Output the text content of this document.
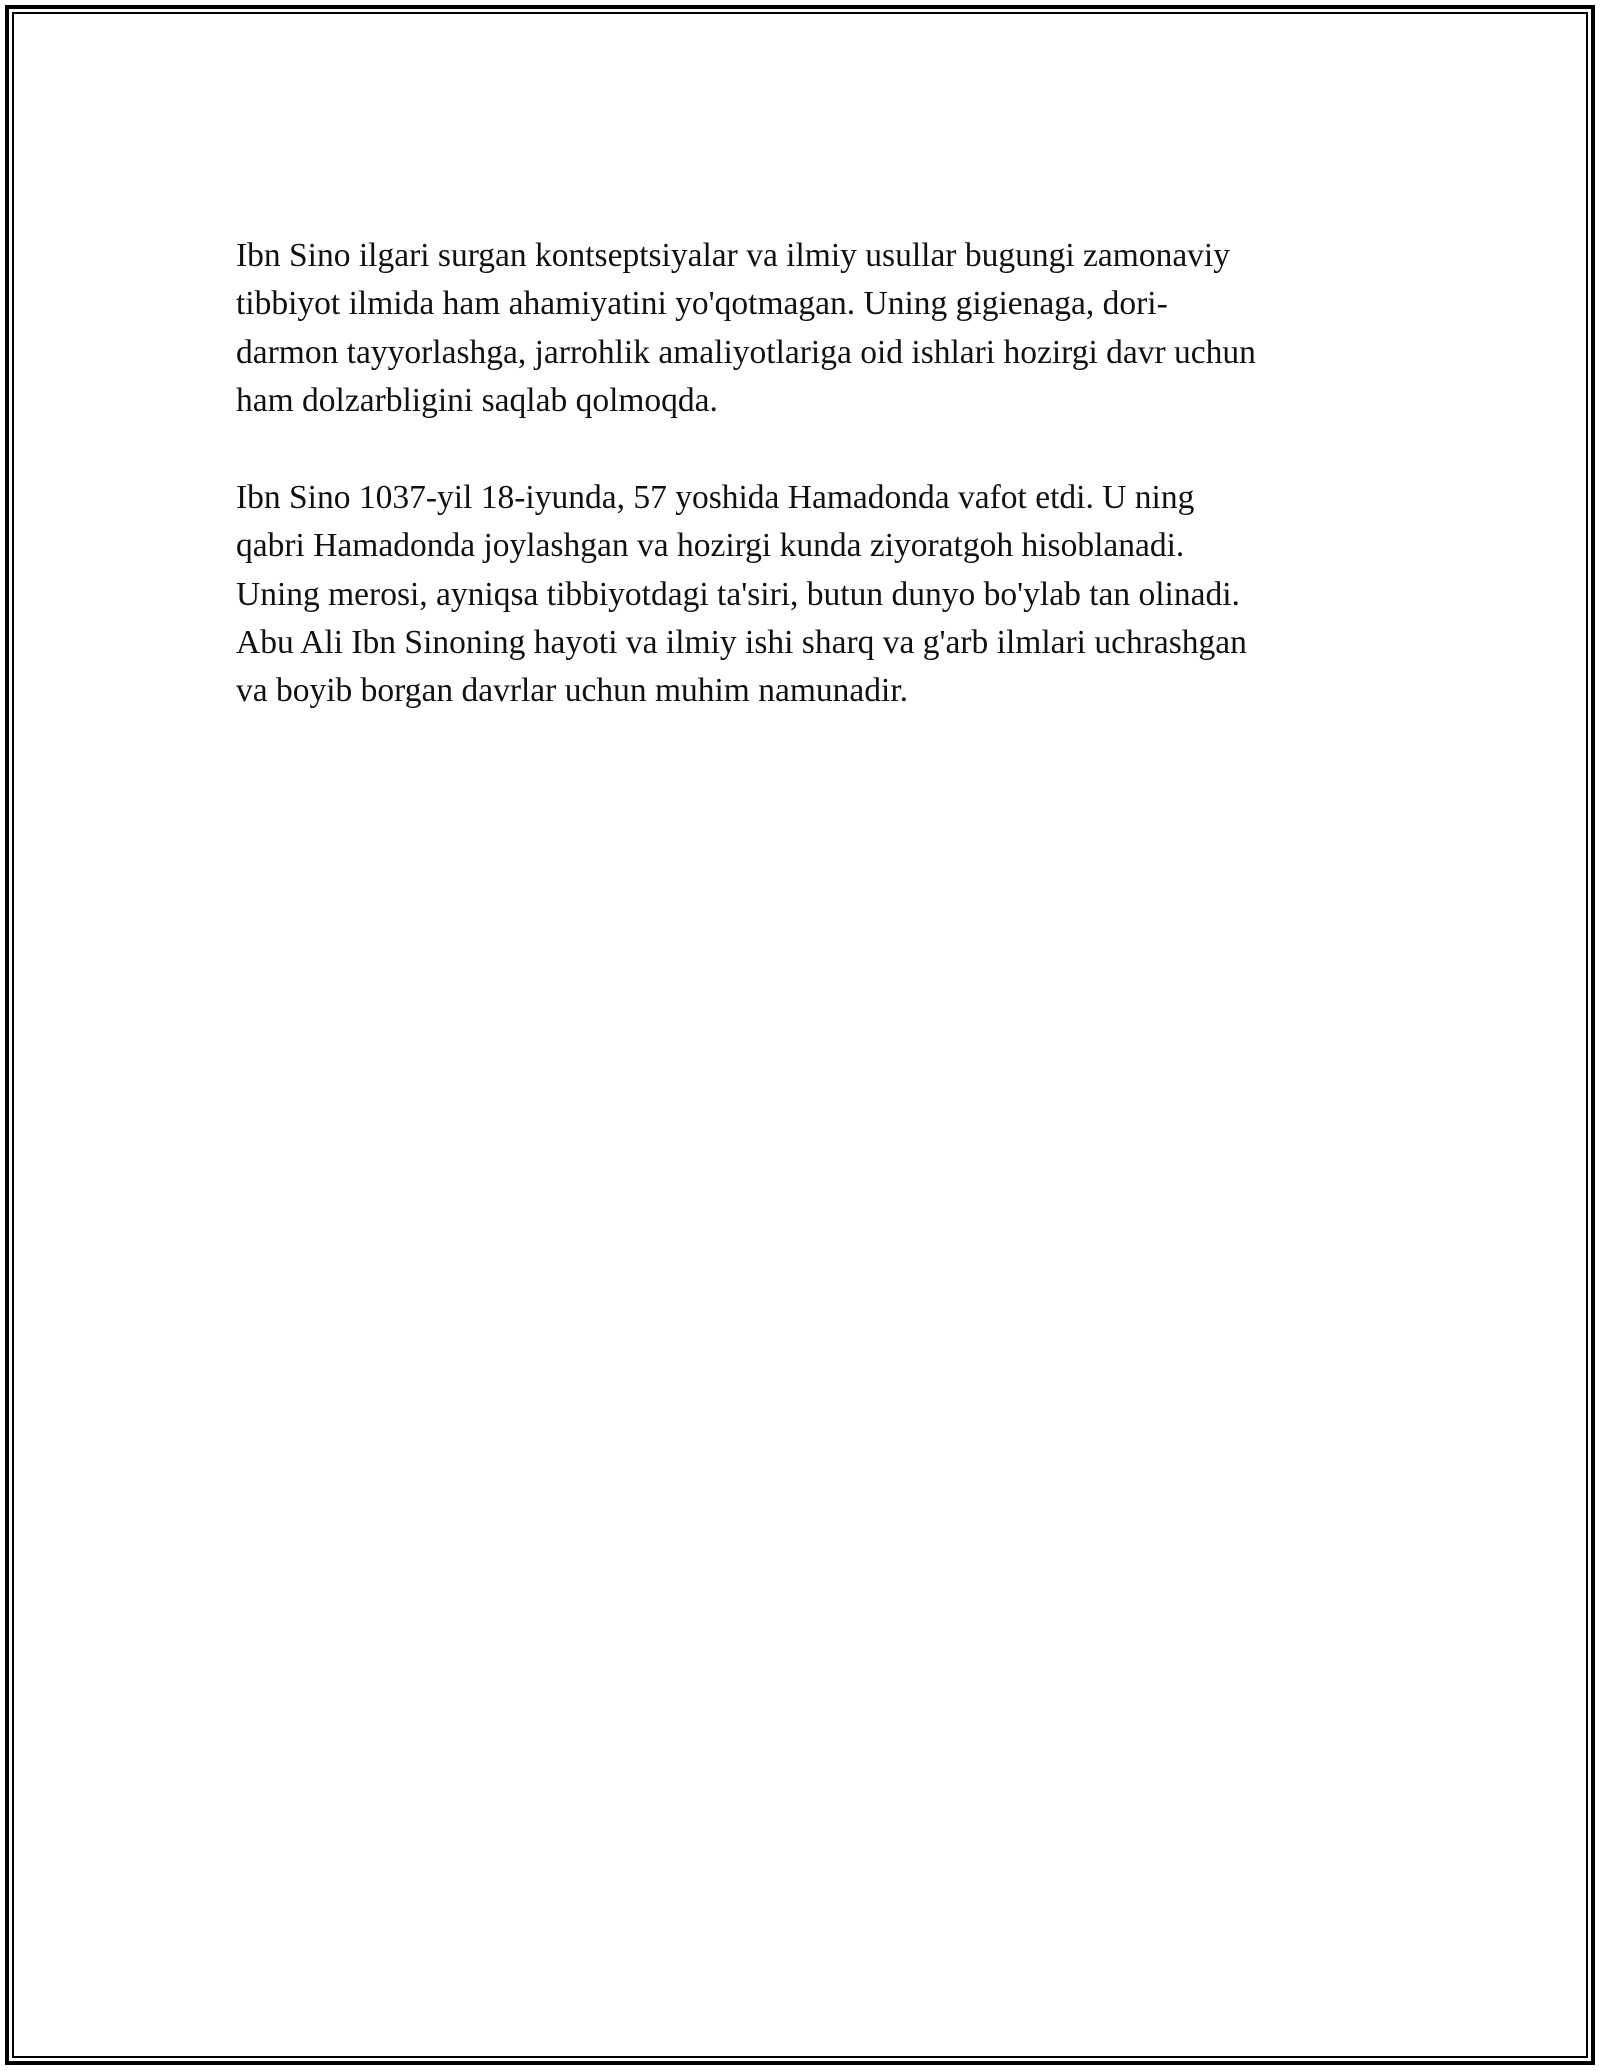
Ibn Sino ilgari surgan kontseptsiyalar va ilmiy usullar bugungi zamonaviy
tibbiyot ilmida ham ahamiyatini yo'qotmagan. Uning gigienaga, dori-
darmon tayyorlashga, jarrohlik amaliyotlariga oid ishlari hozirgi davr uchun
ham dolzarbligini saqlab qolmoqda.

Ibn Sino 1037-yil 18-iyunda, 57 yoshida Hamadonda vafot etdi. U ning
qabri Hamadonda joylashgan va hozirgi kunda ziyoratgoh hisoblanadi.
Uning merosi, ayniqsa tibbiyotdagi ta'siri, butun dunyo bo'ylab tan olinadi.
Abu Ali Ibn Sinoning hayoti va ilmiy ishi sharq va g'arb ilmlari uchrashgan
va boyib borgan davrlar uchun muhim namunadir.
